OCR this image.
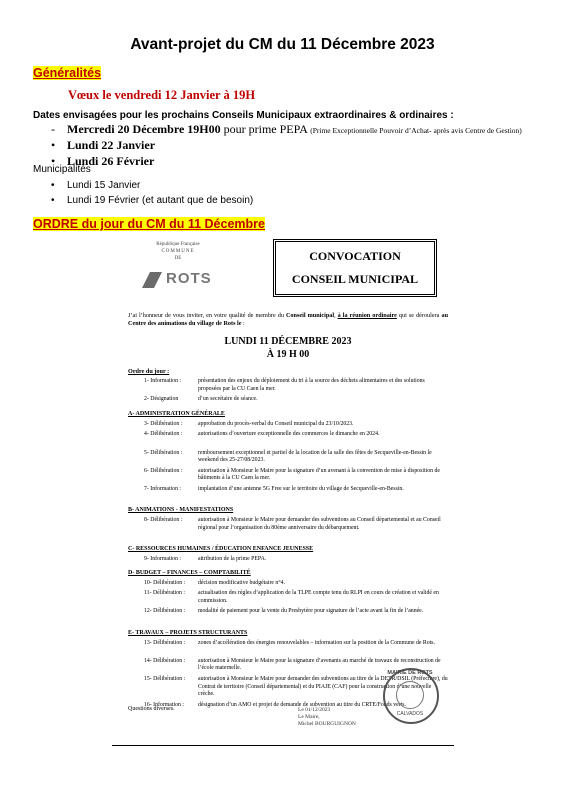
Avant-projet du CM du 11 Décembre 2023
Généralités
Vœux le vendredi 12 Janvier à 19H
Dates envisagées pour les prochains Conseils Municipaux extraordinaires & ordinaires :
- Mercredi 20 Décembre 19H00 pour prime PEPA (Prime Exceptionnelle Pouvoir d’Achat- après avis Centre de Gestion)
• Lundi 22 Janvier
• Lundi 26 Février
Municipalités
• Lundi 15 Janvier
• Lundi 19 Février (et autant que de besoin)
ORDRE du jour du CM du 11 Décembre
République Française
COMMUNE
DE
ROTS
CONVOCATION
CONSEIL MUNICIPAL
J’ai l’honneur de vous inviter, en votre qualité de membre du Conseil municipal, à la réunion ordinaire qui se déroulera au Centre des animations du village de Rots le :
LUNDI 11 DÉCEMBRE 2023
À 19 H 00
Ordre du jour :
1- Information :	présentation des enjeux du déploiement du tri à la source des déchets alimentaires et des solutions proposées par la CU Caen la mer.
2- Désignation	d’un secrétaire de séance.
A- ADMINISTRATION GÉNÉRALE
3- Délibération :	approbation du procès-verbal du Conseil municipal du 23/10/2023.
4- Délibération :	autorisations d’ouverture exceptionnelle des commerces le dimanche en 2024.
5- Délibération :	remboursement exceptionnel et partiel de la location de la salle des fêtes de Secqueville-en-Bessin le weekend des 25-27/08/2023.
6- Délibération :	autorisation à Monsieur le Maire pour la signature d’un avenant à la convention de mise à disposition de bâtiments à la CU Caen la mer.
7- Information :	implantation d’une antenne 5G Free sur le territoire du village de Secqueville-en-Bessin.
B- ANIMATIONS - MANIFESTATIONS
8- Délibération :	autorisation à Monsieur le Maire pour demander des subventions au Conseil départemental et au Conseil régional pour l’organisation du 80ème anniversaire du débarquement.
C- RESSOURCES HUMAINES / ÉDUCATION ENFANCE JEUNESSE
9- Information :	attribution de la prime PEPA.
D- BUDGET – FINANCES – COMPTABILITÉ
10- Délibération : décision modificative budgétaire n°4.
11- Délibération : actualisation des règles d’application de la TLPE compte tenu du RLPI en cours de création et validé en commission.
12- Délibération : modalité de paiement pour la vente du Presbytère pour signature de l’acte avant la fin de l’année.
E- TRAVAUX – PROJETS STRUCTURANTS
13- Délibération : zones d’accélération des énergies renouvelables – information sur la position de la Commune de Rots.
14- Délibération : autorisation à Monsieur le Maire pour la signature d’avenants au marché de travaux de reconstruction de l’école maternelle.
15- Délibération : autorisation à Monsieur le Maire pour demander des subventions au titre de la DETR/DSIL (Préfecture), du Contrat de territoire (Conseil départemental) et du PIAJE (CAF) pour la construction d’une nouvelle crèche.
16- Information : désignation d’un AMO et projet de demande de subvention au titre du CRTE/Fonds verts.
Questions diverses.	Le 01/12/2023
Le Maire,
Michel BOURGUIGNON
MAIRIE DE ROTS
CALVADOS
